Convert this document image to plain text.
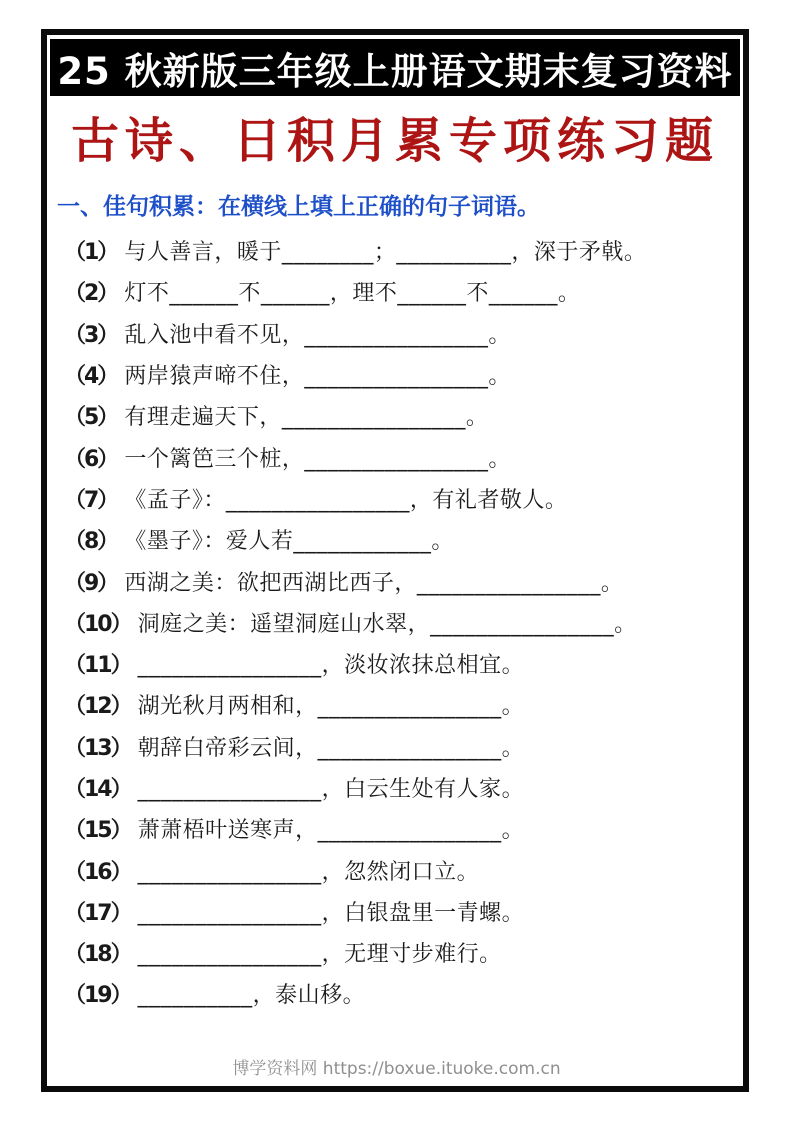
25 秋新版三年级上册语文期末复习资料
古诗、日积月累专项练习题
一、佳句积累：在横线上填上正确的句子词语。
（1） 与人善言，暖于________；__________，深于矛戟。
（2） 灯不______不______，理不______不______。
（3） 乱入池中看不见，________________。
（4） 两岸猿声啼不住，________________。
（5） 有理走遍天下，________________。
（6） 一个篱笆三个桩，________________。
（7） 《孟子》：________________，有礼者敬人。
（8） 《墨子》：爱人若____________。
（9） 西湖之美：欲把西湖比西子，________________。
（10） 洞庭之美：遥望洞庭山水翠，________________。
（11） ________________，淡妆浓抹总相宜。
（12） 湖光秋月两相和，________________。
（13） 朝辞白帝彩云间，________________。
（14） ________________，白云生处有人家。
（15） 萧萧梧叶送寒声，________________。
（16） ________________，忽然闭口立。
（17） ________________，白银盘里一青螺。
（18） ________________，无理寸步难行。
（19） __________，泰山移。
博学资料网 https://boxue.ituoke.com.cn
